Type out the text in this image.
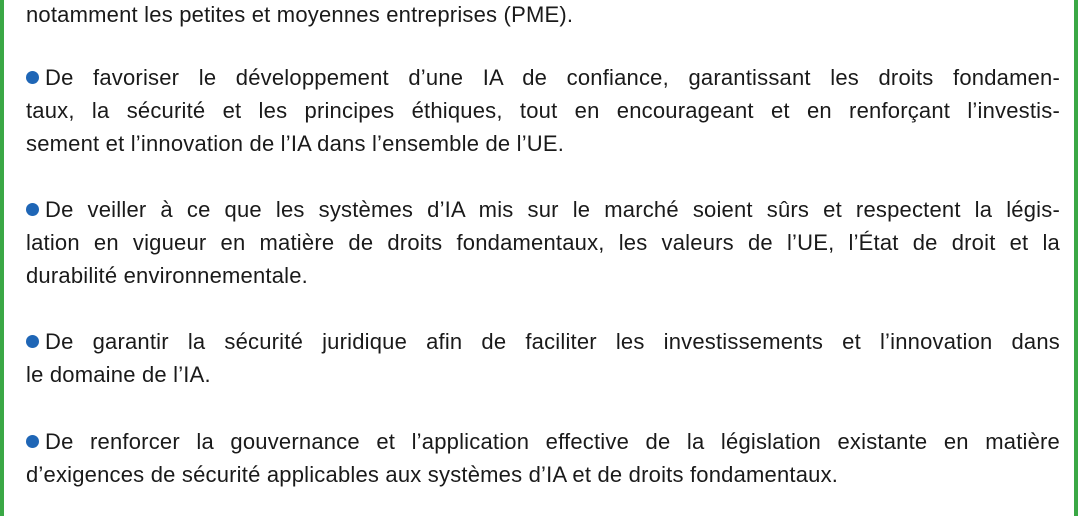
notamment les petites et moyennes entreprises (PME).
De favoriser le développement d’une IA de confiance, garantissant les droits fondamen-
taux, la sécurité et les principes éthiques, tout en encourageant et en renforçant l’investis-
sement et l’innovation de l’IA dans l’ensemble de l’UE.
De veiller à ce que les systèmes d’IA mis sur le marché soient sûrs et respectent la légis-
lation en vigueur en matière de droits fondamentaux, les valeurs de l’UE, l’État de droit et la
durabilité environnementale.
De garantir la sécurité juridique afin de faciliter les investissements et l’innovation dans
le domaine de l’IA.
De renforcer la gouvernance et l’application effective de la législation existante en matière
d’exigences de sécurité applicables aux systèmes d’IA et de droits fondamentaux.
